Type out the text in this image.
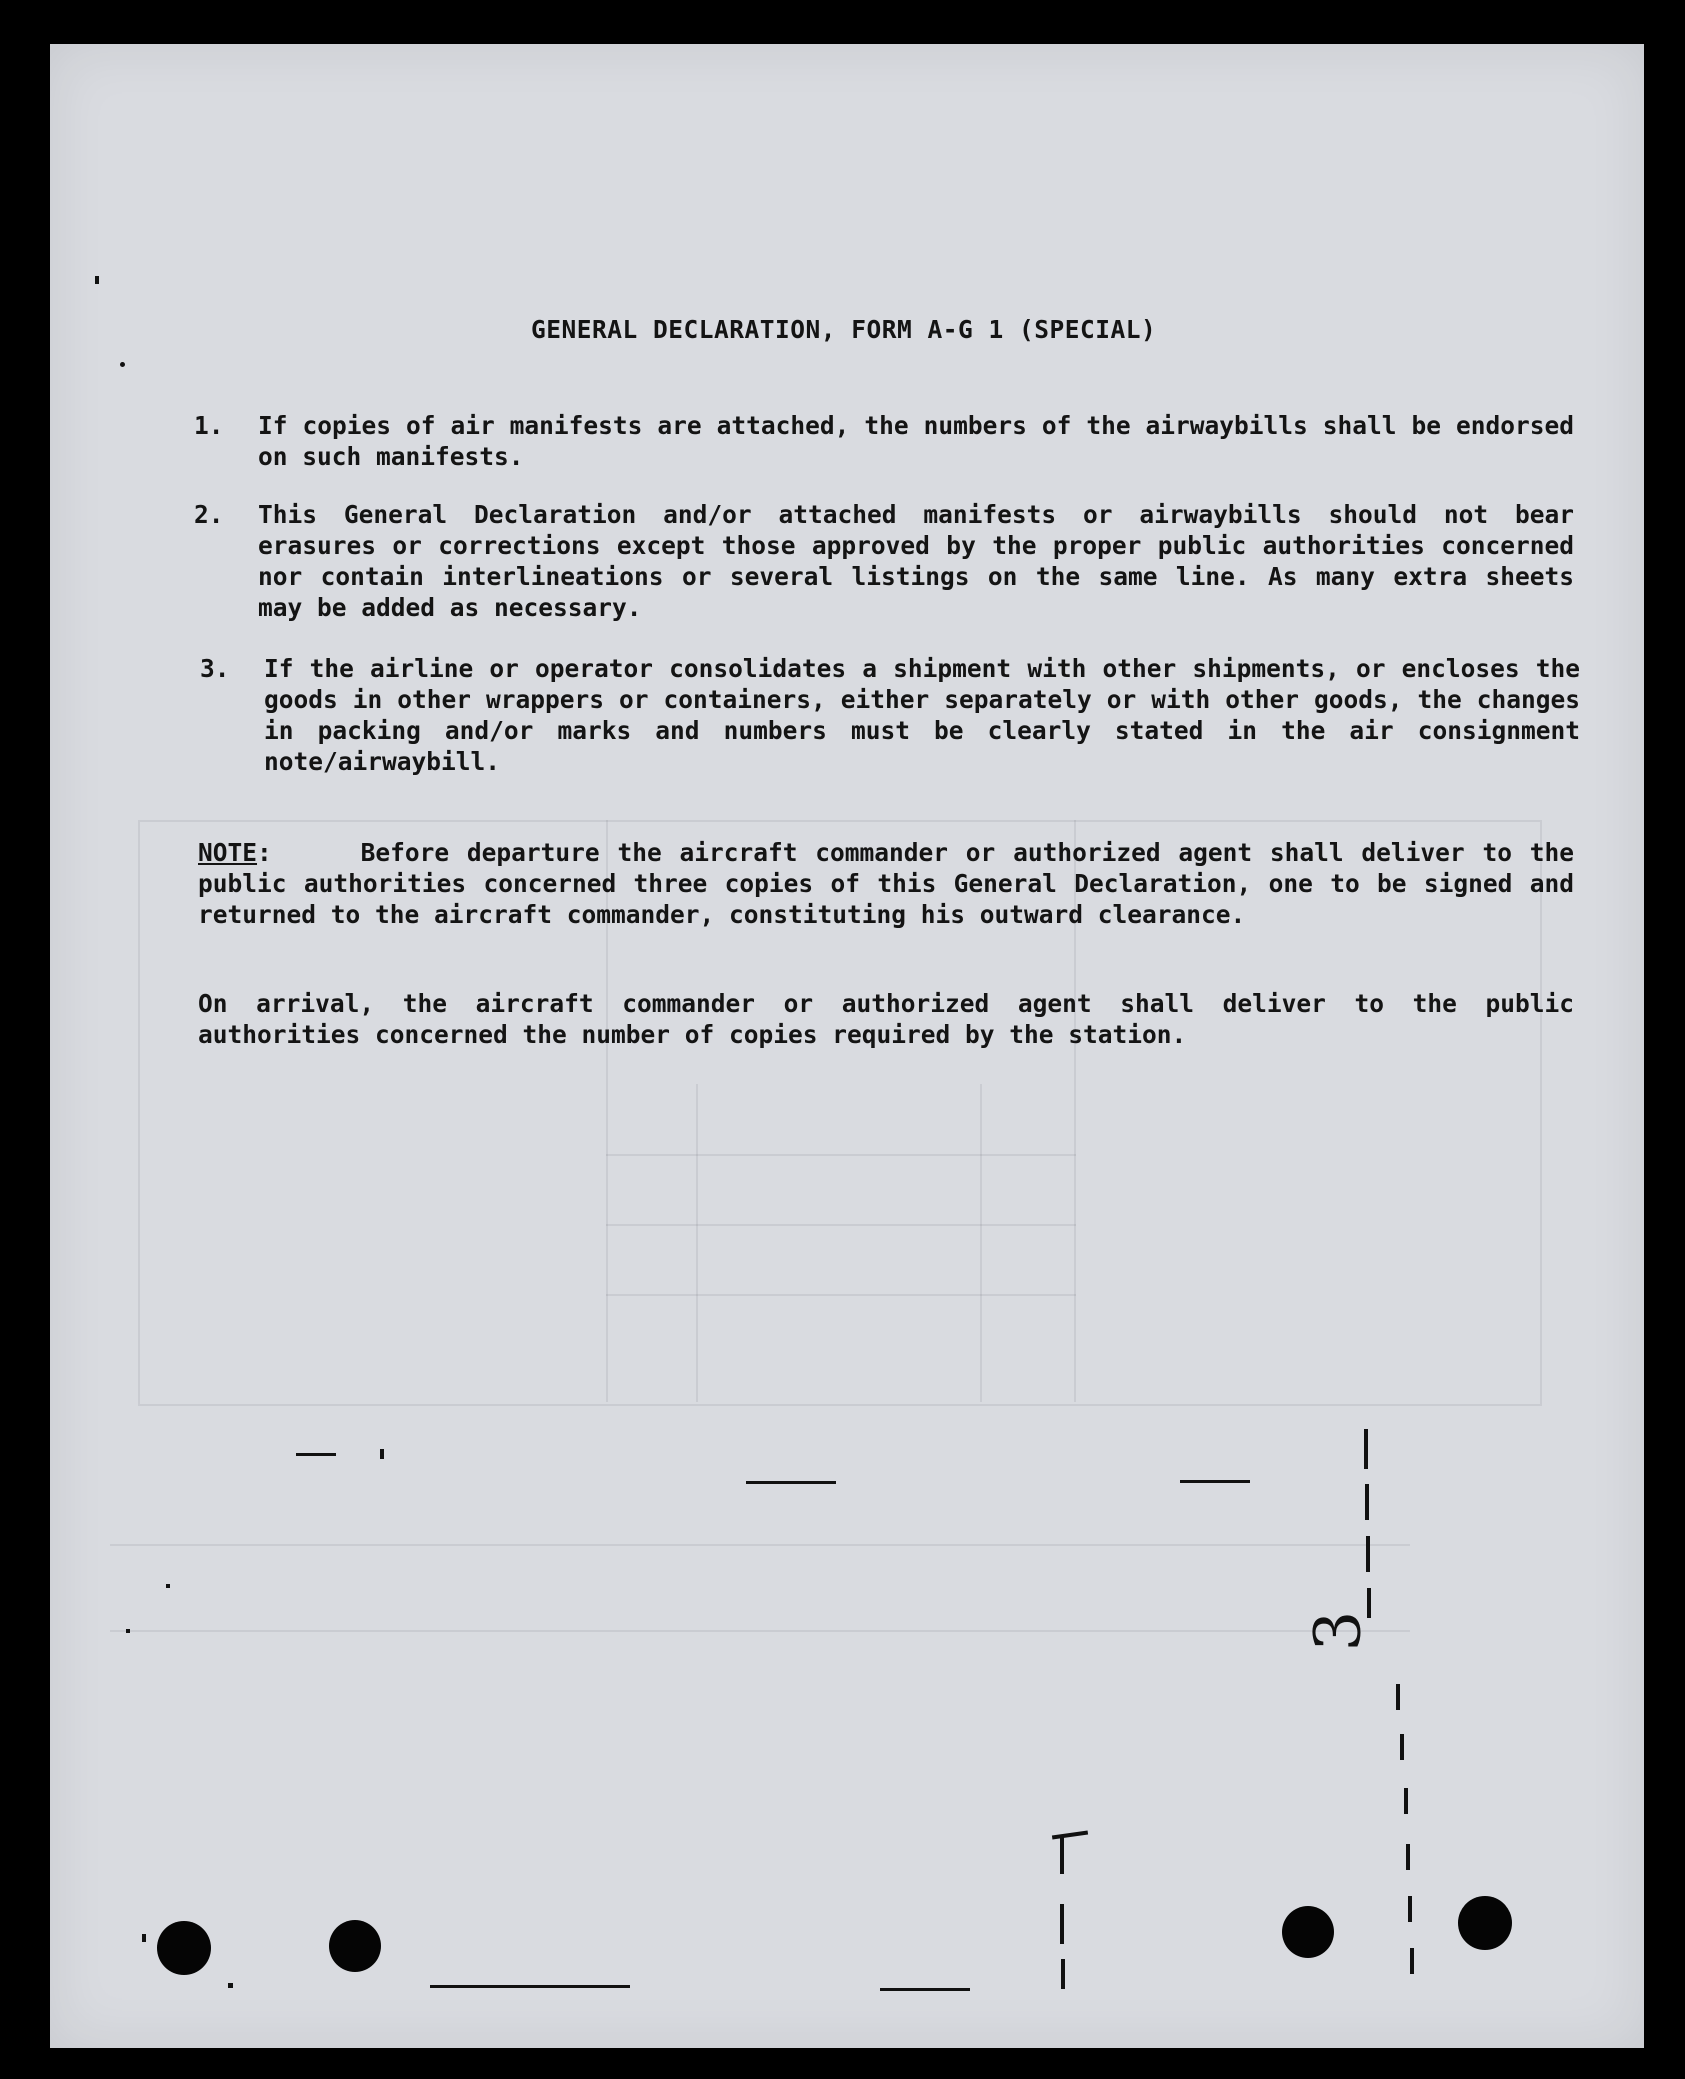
GENERAL DECLARATION, FORM A-G 1 (SPECIAL)
1. If copies of air manifests are attached, the numbers of the airwaybills shall be endorsed on such manifests.
2. This General Declaration and/or attached manifests or airwaybills should not bear erasures or corrections except those approved by the proper public authorities concerned nor contain interlineations or several listings on the same line. As many extra sheets may be added as necessary.
3. If the airline or operator consolidates a shipment with other shipments, or encloses the goods in other wrappers or containers, either separately or with other goods, the changes in packing and/or marks and numbers must be clearly stated in the air consignment note/airwaybill.
NOTE:     Before departure the aircraft commander or authorized agent shall deliver to the public authorities concerned three copies of this General Declaration, one to be signed and returned to the aircraft commander, constituting his outward clearance.
On arrival, the aircraft commander or authorized agent shall deliver to the public authorities concerned the number of copies required by the station.
3
